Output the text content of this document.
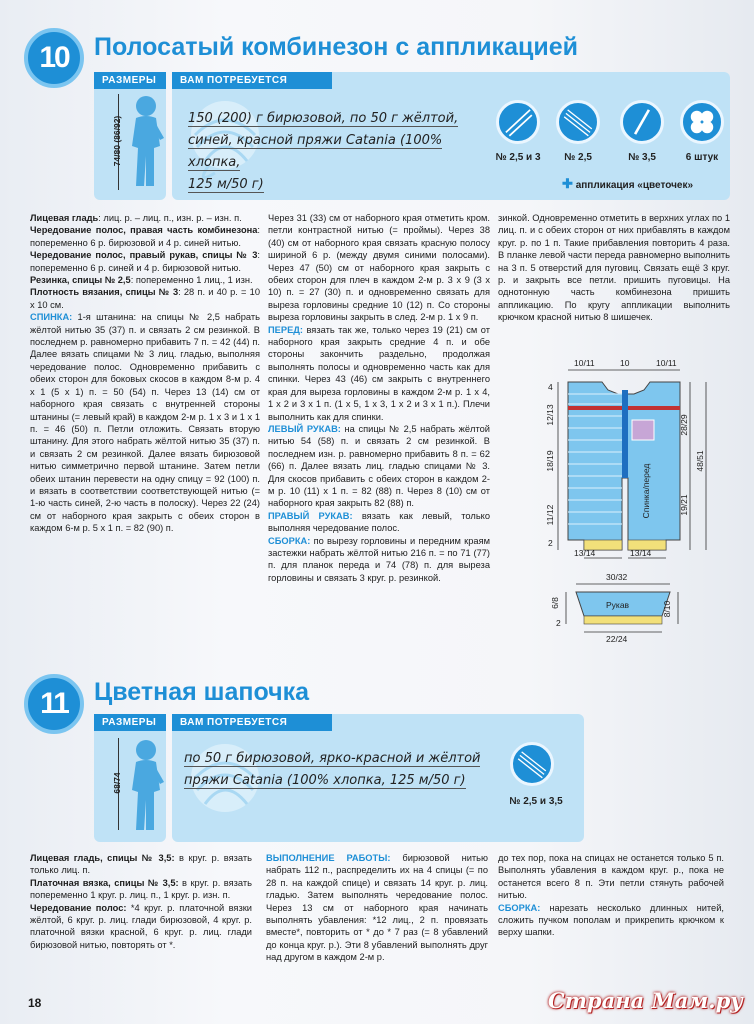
10	Полосатый комбинезон с аппликацией
РАЗМЕРЫ
74/80 (86/92)
ВАМ ПОТРЕБУЕТСЯ
150 (200) г бирюзовой, по 50 г жёлтой,
синей, красной пряжи Catania (100% хлопка,
125 м/50 г)
№ 2,5 и 3	№ 2,5	№ 3,5	6 штук
✚ аппликация «цветочек»

Лицевая гладь: лиц. р. – лиц. п., изн. р. – изн. п.

Чередование полос, правая часть комбинезона: попеременно 6 р. бирюзовой и 4 р. синей нитью.

Чередование полос, правый рукав, спицы № 3: попеременно 6 р. синей и 4 р. бирюзовой нитью.

Резинка, спицы № 2,5: попеременно 1 лиц., 1 изн.

Плотность вязания, спицы № 3: 28 п. и 40 р. = 10 x 10 см.

СПИНКА: 1-я штанина: на спицы № 2,5 набрать жёлтой нитью 35 (37) п. и связать 2 см резинкой. В последнем р. равномерно прибавить 7 п. = 42 (44) п. Далее вязать спицами № 3 лиц. гладью, выполняя чередование полос. Одновременно прибавить с обеих сторон для боковых скосов в каждом 8-м р. 4 x 1 (5 x 1) п. = 50 (54) п. Через 13 (14) см от наборного края связать с внутренней стороны штанины (= левый край) в каждом 2-м р. 1 x 3 и 1 x 1 п. = 46 (50) п. Петли отложить. Связать вторую штанину. Для этого набрать жёлтой нитью 35 (37) п. и связать 2 см резинкой. Далее вязать бирюзовой нитью симметрично первой штанине. Затем петли обеих штанин перевести на одну спицу = 92 (100) п. и вязать в соответствии соответствующей нитью (= 1-ю часть синей, 2-ю часть в полоску). Через 22 (24) см от наборного края закрыть с обеих сторон в каждом 6-м р. 5 x 1 п. = 82 (90) п.

Через 31 (33) см от наборного края отметить кром. петли контрастной нитью (= проймы). Через 38 (40) см от наборного края связать красную полосу шириной 6 р. (между двумя синими полосами). Через 47 (50) см от наборного края закрыть с обеих сторон для плеч в каждом 2-м р. 3 x 9 (3 x 10) п. = 27 (30) п. и одновременно связать для выреза горловины средние 10 (12) п. Со стороны выреза горловины закрыть в след. 2-м р. 1 x 9 п.

ПЕРЕД: вязать так же, только через 19 (21) см от наборного края закрыть средние 4 п. и обе стороны закончить раздельно, продолжая выполнять полосы и одновременно часть как для спинки. Через 43 (46) см закрыть с внутреннего края для выреза горловины в каждом 2-м р. 1 x 4, 1 x 2 и 3 x 1 п. (1 x 5, 1 x 3, 1 x 2 и 3 x 1 п.). Плечи выполнить как для спинки.

ЛЕВЫЙ РУКАВ: на спицы № 2,5 набрать жёлтой нитью 54 (58) п. и связать 2 см резинкой. В последнем изн. р. равномерно прибавить 8 п. = 62 (66) п. Далее вязать лиц. гладью спицами № 3. Для скосов прибавить с обеих сторон в каждом 2-м р. 10 (11) x 1 п. = 82 (88) п. Через 8 (10) см от наборного края закрыть 82 (88) п.

ПРАВЫЙ РУКАВ: вязать как левый, только выполняя чередование полос.

СБОРКА: по вырезу горловины и передним краям застежки набрать жёлтой нитью 216 п. = по 71 (77) п. для планок переда и 74 (78) п. для выреза горловины и связать 3 круг. р. резинкой.

зинкой. Одновременно отметить в верхних углах по 1 лиц. п. и с обеих сторон от них прибавлять в каждом круг. р. по 1 п. Такие прибавления повторить 4 раза. В планке левой части переда равномерно выполнить на 3 п. 5 отверстий для пуговиц. Связать ещё 3 круг. р. и закрыть все петли. пришить пуговицы. На однотонную часть комбинезона пришить аппликацию. По кругу аппликации выполнить крючком красной нитью 8 шишечек.

10/11	10	10/11
4
12/13
18/19
11/12
2
28/29
19/21
48/51
Спинка/перед
13/14	13/14
30/32
Рукав
2
6/8	8/10
22/24
11	Цветная шапочка
РАЗМЕРЫ
68/74
ВАМ ПОТРЕБУЕТСЯ
по 50 г бирюзовой, ярко-красной и жёлтой
пряжи Catania (100% хлопка, 125 м/50 г)
№ 2,5 и 3,5

Лицевая гладь, спицы № 3,5: в круг. р. вязать только лиц. п.

Платочная вязка, спицы № 3,5: в круг. р. вязать попеременно 1 круг. р. лиц. п., 1 круг. р. изн. п.

Чередование полос: *4 круг. р. платочной вязки жёлтой, 6 круг. р. лиц. глади бирюзовой, 4 круг. р. платочной вязки красной, 6 круг. р. лиц. глади бирюзовой нитью, повторять от *.

ВЫПОЛНЕНИЕ РАБОТЫ: бирюзовой нитью набрать 112 п., распределить их на 4 спицы (= по 28 п. на каждой спице) и связать 14 круг. р. лиц. гладью. Затем выполнять чередование полос. Через 13 см от наборного края начинать выполнять убавления: *12 лиц., 2 п. провязать вместе*, повторить от * до * 7 раз (= 8 убавлений до конца круг. р.). Эти 8 убавлений выполнять друг над другом в каждом 2-м р.

до тех пор, пока на спицах не останется только 5 п. Выполнять убавления в каждом круг. р., пока не останется всего 8 п. Эти петли стянуть рабочей нитью.

СБОРКА: нарезать несколько длинных нитей, сложить пучком пополам и прикрепить крючком к верху шапки.

18	Страна Мам.ру
